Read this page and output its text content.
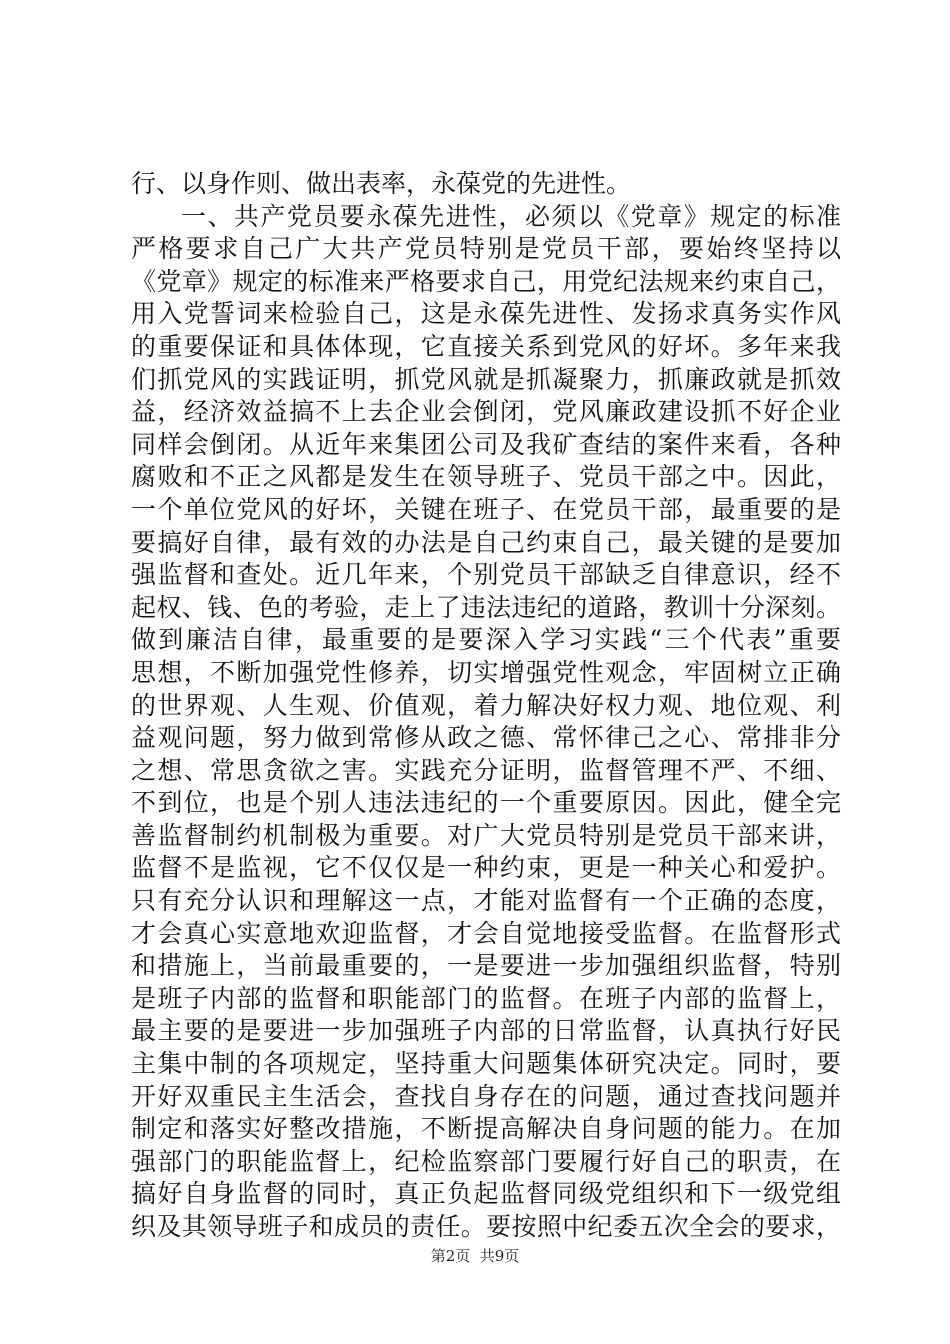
行、以身作则、做出表率，永葆党的先进性。
一、共产党员要永葆先进性，必须以《党章》规定的标准
严格要求自己广大共产党员特别是党员干部，要始终坚持以
《党章》规定的标准来严格要求自己，用党纪法规来约束自己，
用入党誓词来检验自己，这是永葆先进性、发扬求真务实作风
的重要保证和具体体现，它直接关系到党风的好坏。多年来我
们抓党风的实践证明，抓党风就是抓凝聚力，抓廉政就是抓效
益，经济效益搞不上去企业会倒闭，党风廉政建设抓不好企业
同样会倒闭。从近年来集团公司及我矿查结的案件来看，各种
腐败和不正之风都是发生在领导班子、党员干部之中。因此，
一个单位党风的好坏，关键在班子、在党员干部，最重要的是
要搞好自律，最有效的办法是自己约束自己，最关键的是要加
强监督和查处。近几年来，个别党员干部缺乏自律意识，经不
起权、钱、色的考验，走上了违法违纪的道路，教训十分深刻。
做到廉洁自律，最重要的是要深入学习实践“三个代表”重要
思想，不断加强党性修养，切实增强党性观念，牢固树立正确
的世界观、人生观、价值观，着力解决好权力观、地位观、利
益观问题，努力做到常修从政之德、常怀律己之心、常排非分
之想、常思贪欲之害。实践充分证明，监督管理不严、不细、
不到位，也是个别人违法违纪的一个重要原因。因此，健全完
善监督制约机制极为重要。对广大党员特别是党员干部来讲，
监督不是监视，它不仅仅是一种约束，更是一种关心和爱护。
只有充分认识和理解这一点，才能对监督有一个正确的态度，
才会真心实意地欢迎监督，才会自觉地接受监督。在监督形式
和措施上，当前最重要的，一是要进一步加强组织监督，特别
是班子内部的监督和职能部门的监督。在班子内部的监督上，
最主要的是要进一步加强班子内部的日常监督，认真执行好民
主集中制的各项规定，坚持重大问题集体研究决定。同时，要
开好双重民主生活会，查找自身存在的问题，通过查找问题并
制定和落实好整改措施，不断提高解决自身问题的能力。在加
强部门的职能监督上，纪检监察部门要履行好自己的职责，在
搞好自身监督的同时，真正负起监督同级党组织和下一级党组
织及其领导班子和成员的责任。要按照中纪委五次全会的要求，
第2页  共9页
